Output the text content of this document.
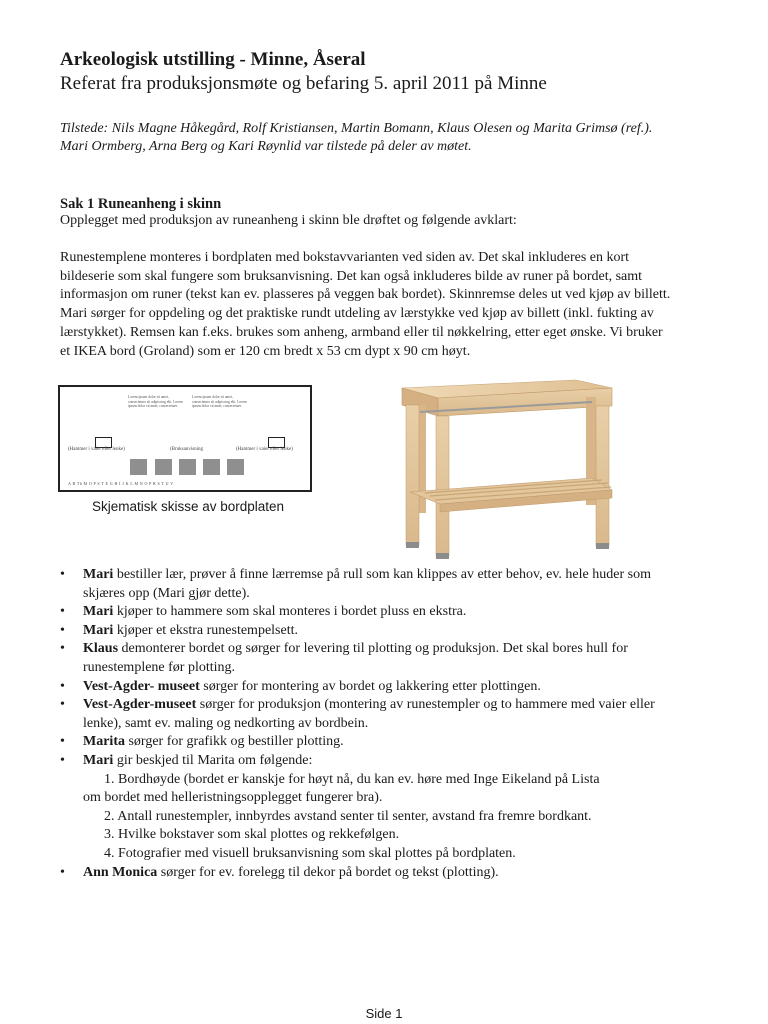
Arkeologisk utstilling - Minne, Åseral

Referat fra produksjonsmøte og befaring 5. april 2011 på Minne

Tilstede: Nils Magne Håkegård, Rolf Kristiansen, Martin Bomann, Klaus Olesen og Marita Grimsø (ref.).

Mari Ormberg, Arna Berg og Kari Røynlid var tilstede på deler av møtet.

Sak 1 Runeanheng i skinn
Opplegget med produksjon av runeanheng i skinn ble drøftet og følgende avklart:

Runestemplene monteres i bordplaten med bokstavvarianten ved siden av. Det skal inkluderes en kort

bildeserie som skal fungere som bruksanvisning. Det kan også inkluderes bilde av runer på bordet, samt

informasjon om runer (tekst kan ev. plasseres på veggen bak bordet). Skinnremse deles ut ved kjøp av billett.

Mari sørger for oppdeling og det praktiske rundt utdeling av lærstykke ved kjøp av billett (inkl. fukting av

lærstykket). Remsen kan f.eks. brukes som anheng, armband eller til nøkkelring, etter eget ønske. Vi bruker

et IKEA bord (Groland) som er 120 cm bredt x 53 cm dypt x 90 cm høyt.

Lorem ipsum dolor sit amet, consectetuer sit adipiscing elit. Lorem ipsum dolor sit amet, consectetuer.
Lorem ipsum dolor sit amet, consectetuer sit adipiscing elit. Lorem ipsum dolor sit amet, consectetuer.
(Hammer i vaier eller lenke)	(Bruksanvisning	(Hammer i vaier eller lenke)
A B Th M O P S T E G H I J K L M N O P R S T U V
Skjematisk skisse av bordplaten
• Mari bestiller lær, prøver å finne lærremse på rull som kan klippes av etter behov, ev. hele huder som
skjæres opp (Mari gjør dette).
• Mari kjøper to hammere som skal monteres i bordet pluss en ekstra.
• Mari kjøper et ekstra runestempelsett.
• Klaus demonterer bordet og sørger for levering til plotting og produksjon. Det skal bores hull for
runestemplene før plotting.
• Vest-Agder- museet sørger for montering av bordet og lakkering etter plottingen.
• Vest-Agder-museet sørger for produksjon (montering av runestempler og to hammere med vaier eller
lenke), samt ev. maling og nedkorting av bordbein.
• Marita sørger for grafikk og bestiller plotting.
• Mari gir beskjed til Marita om følgende:
1. Bordhøyde (bordet er kanskje for høyt nå, du kan ev. høre med Inge Eikeland på Lista
om bordet med helleristningsopplegget fungerer bra).
2. Antall runestempler, innbyrdes avstand senter til senter, avstand fra fremre bordkant.
3. Hvilke bokstaver som skal plottes og rekkefølgen.
4. Fotografier med visuell bruksanvisning som skal plottes på bordplaten.
• Ann Monica sørger for ev. forelegg til dekor på bordet og tekst (plotting).
Side 1
